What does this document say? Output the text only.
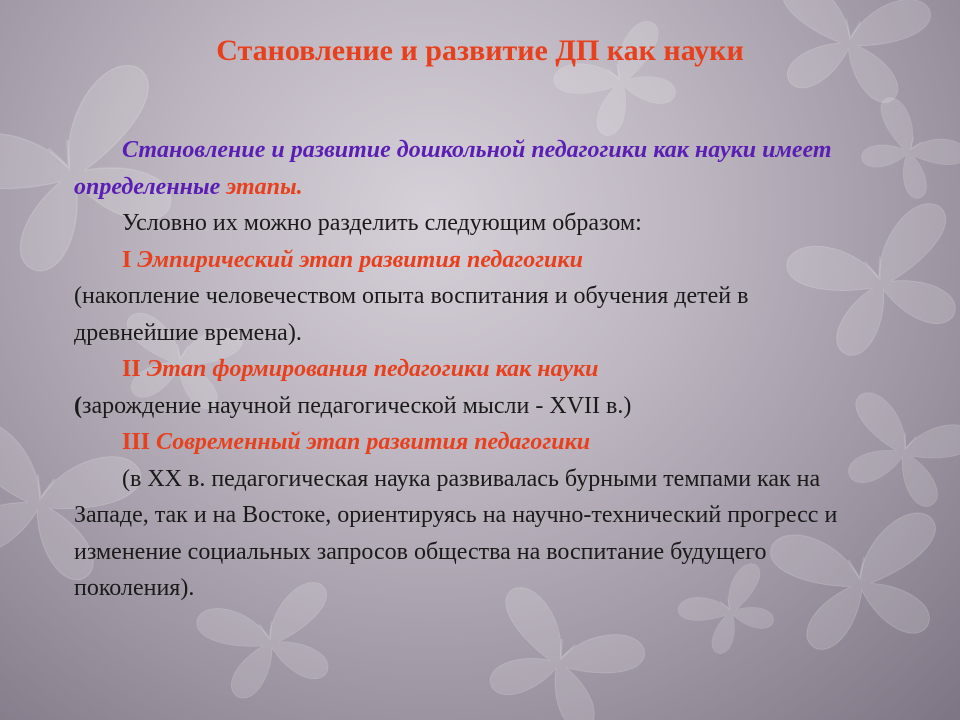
Становление и развитие ДП как науки

Становление и развитие дошкольной педагогики как науки имеет определенные этапы.

Условно их можно разделить следующим образом:

I Эмпирический этап развития педагогики

(накопление человечеством опыта воспитания и обучения детей в древнейшие времена).

II Этап формирования педагогики как науки

(зарождение научной педагогической мысли - XVII в.)

III Современный этап развития педагогики

(в XX в. педагогическая наука развивалась бурными темпами как на Западе, так и на Востоке, ориентируясь на научно-технический прогресс и изменение социальных запросов общества на воспитание будущего поколения).
